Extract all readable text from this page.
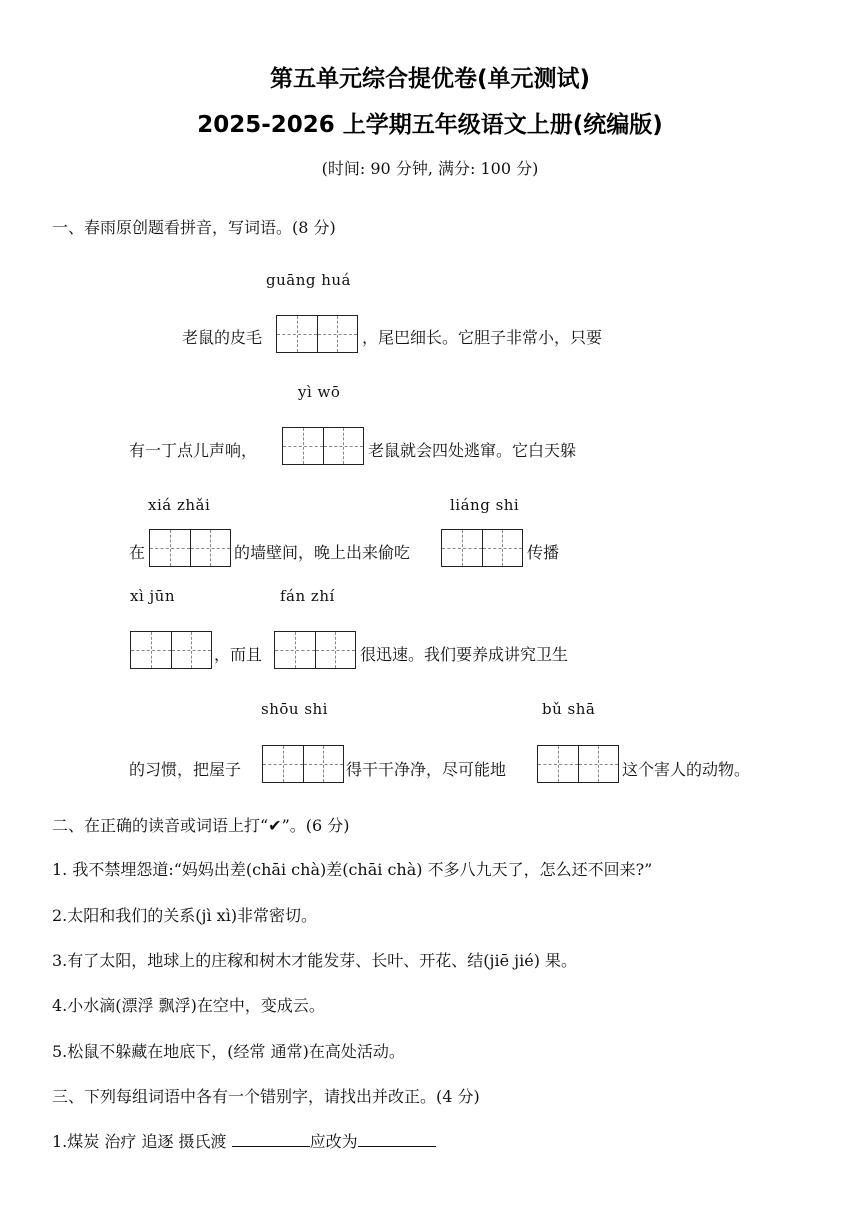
第五单元综合提优卷(单元测试)
2025-2026 上学期五年级语文上册(统编版)
(时间: 90 分钟, 满分: 100 分)
一、春雨原创题看拼音，写词语。(8 分)
guāng huá
老鼠的皮毛	，尾巴细长。它胆子非常小，只要
yì wō
有一丁点儿声响，	老鼠就会四处逃窜。它白天躲
xiá zhǎi	liáng shi
在	的墙壁间，晚上出来偷吃	传播
xì jūn	fán zhí
，而且	很迅速。我们要养成讲究卫生
shōu shi	bǔ shā
的习惯，把屋子	得干干净净，尽可能地	这个害人的动物。
二、在正确的读音或词语上打“✔”。(6 分)
1. 我不禁埋怨道:“妈妈出差(chāi chà)差(chāi chà) 不多八九天了，怎么还不回来?”
2.太阳和我们的关系(jì xì)非常密切。
3.有了太阳，地球上的庄稼和树木才能发芽、长叶、开花、结(jiē jié) 果。
4.小水滴(漂浮 飘浮)在空中，变成云。
5.松鼠不躲藏在地底下，(经常 通常)在高处活动。
三、下列每组词语中各有一个错别字，请找出并改正。(4 分)
1.煤炭 治疗 追逐 摄氏渡	应改为
